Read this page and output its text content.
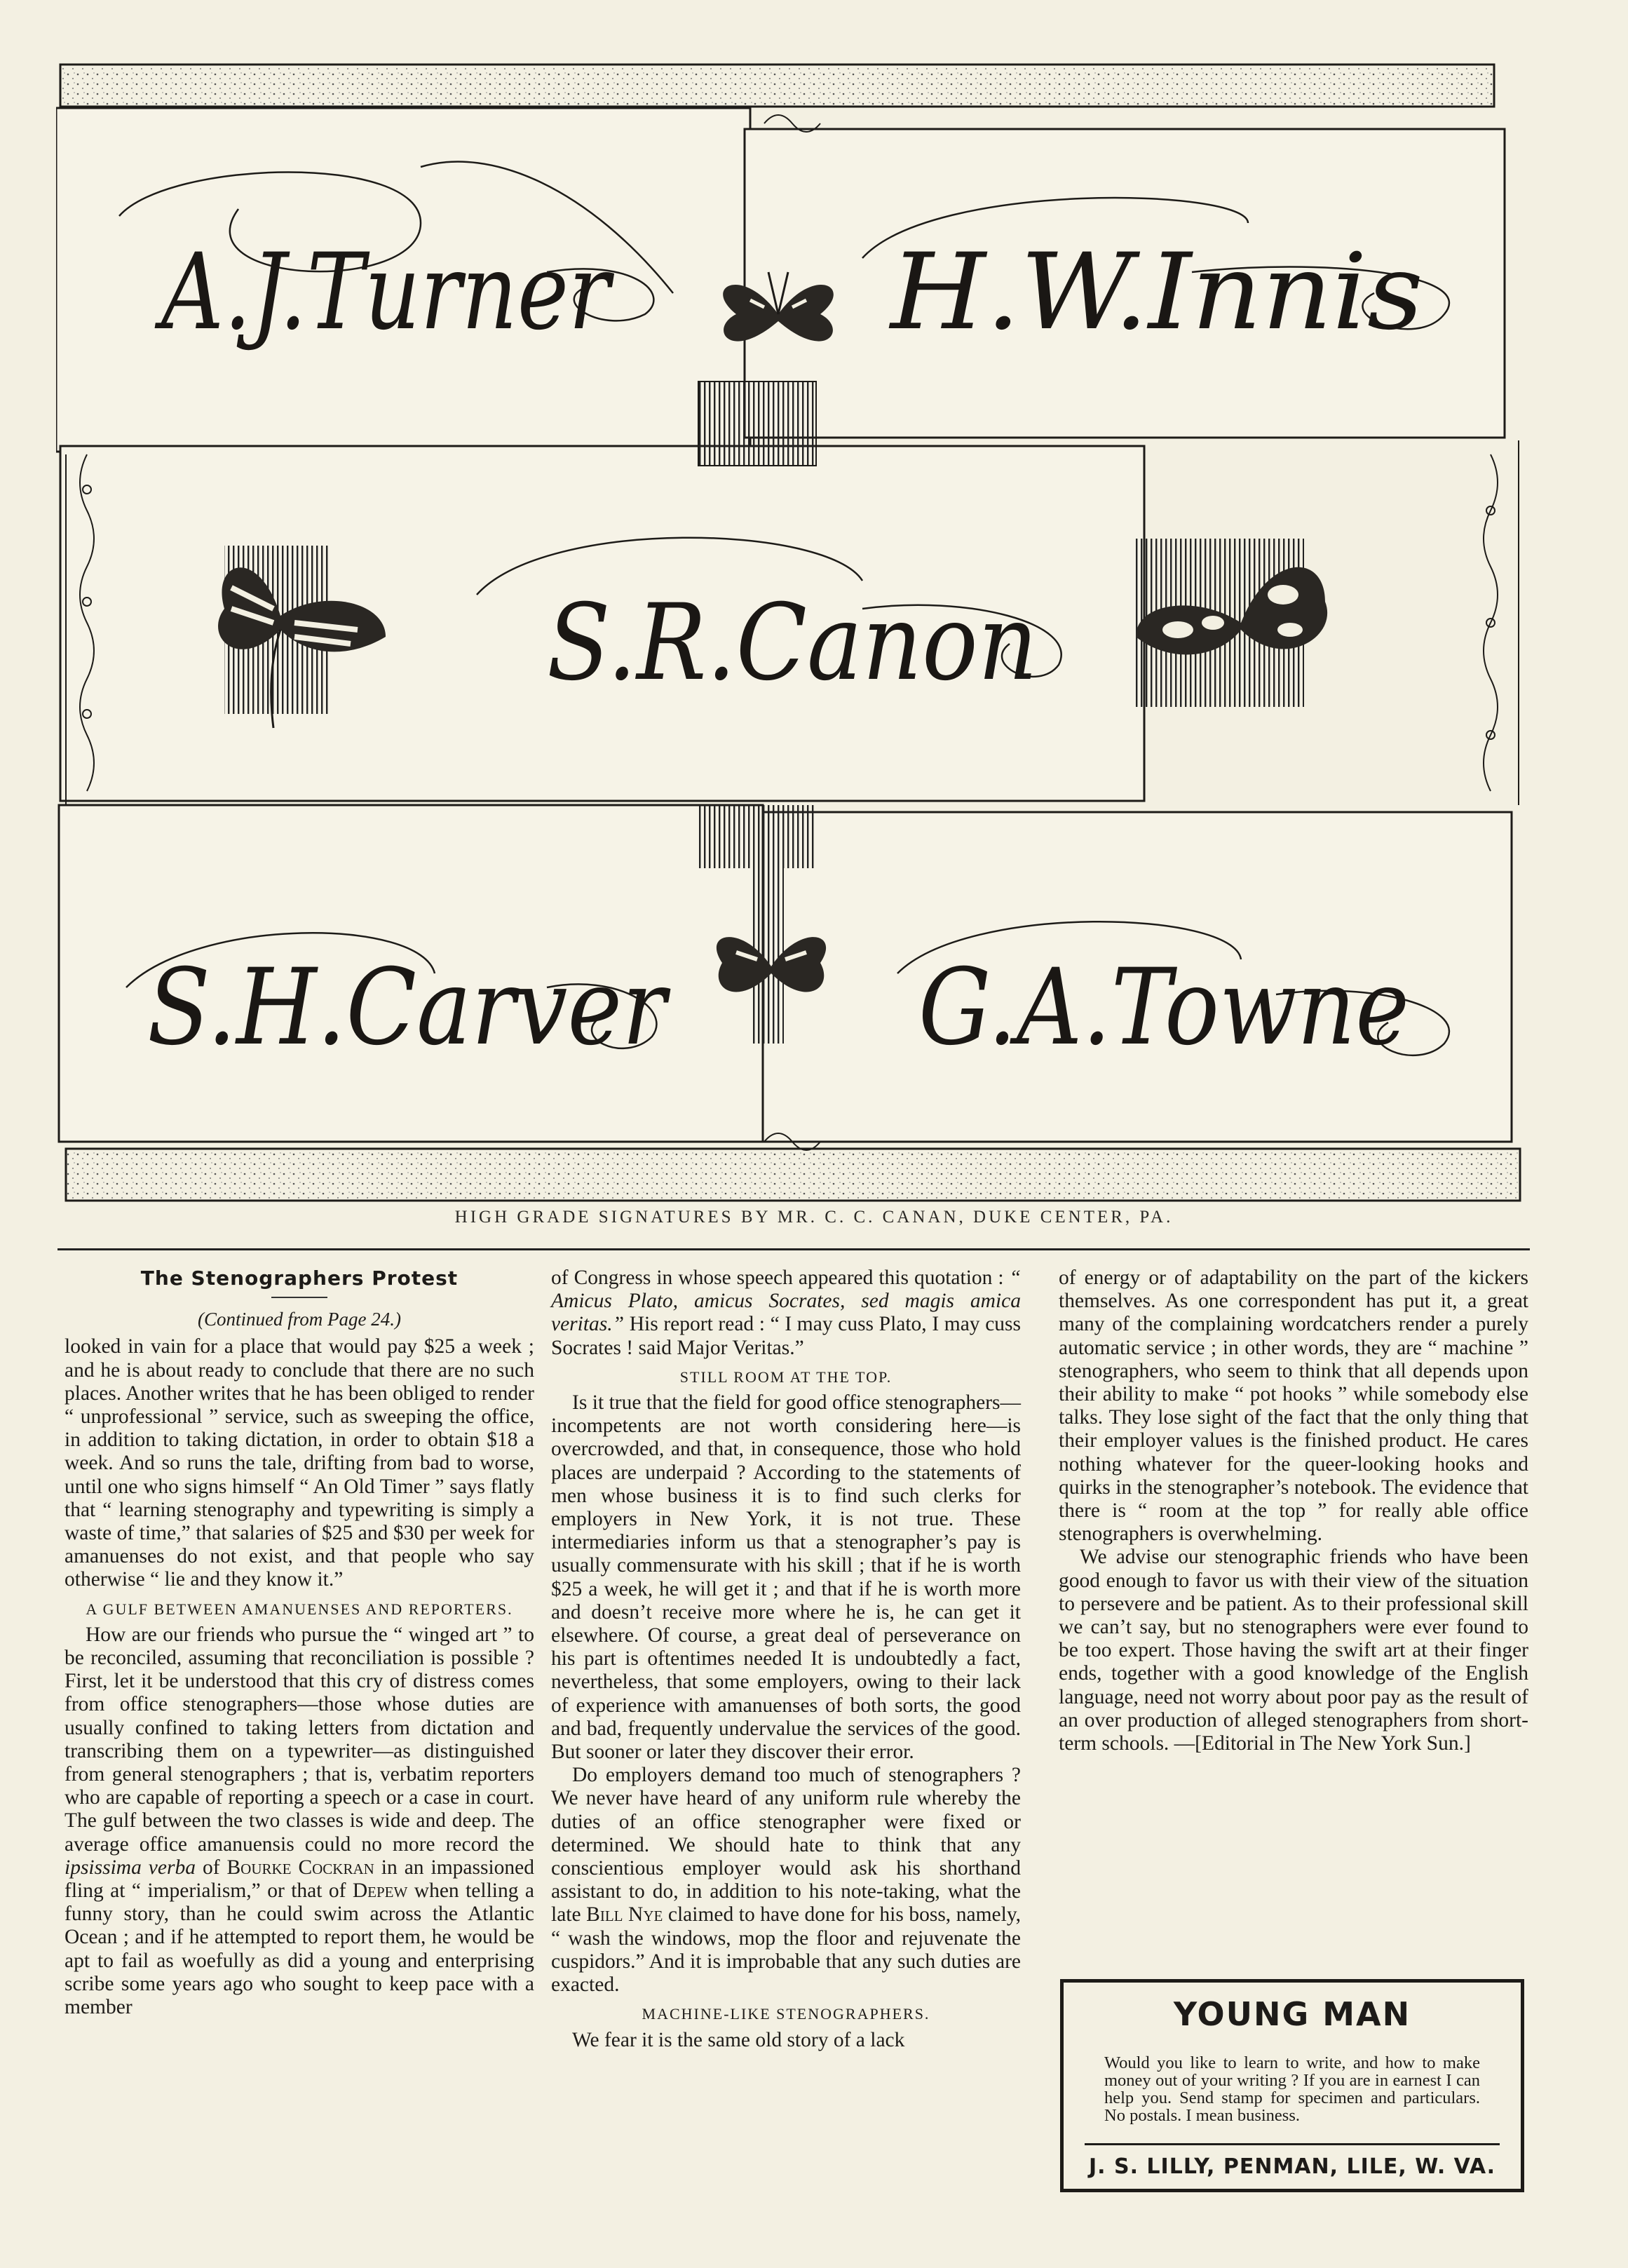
A.J.Turner	H.W.Innis
S.R.Canon
S.H.Carver G.A.Towne
HIGH GRADE SIGNATURES BY MR. C. C. CANAN, DUKE CENTER, PA.
The Stenographers Protest
(Continued from Page 24.)

looked in vain for a place that would pay $25 a week ; and he is about ready to conclude that there are no such places. Another writes that he has been obliged to render “ unprofessional ” service, such as sweeping the office, in addition to taking dictation, in order to obtain $18 a week. And so runs the tale, drifting from bad to worse, until one who signs himself “ An Old Timer ” says flatly that “ learning stenography and typewriting is simply a waste of time,” that salaries of $25 and $30 per week for amanuenses do not exist, and that people who say otherwise “ lie and they know it.”

A GULF BETWEEN AMANUENSES AND REPORTERS.

How are our friends who pursue the “ winged art ” to be reconciled, assuming that reconciliation is possible ? First, let it be understood that this cry of distress comes from office stenographers—those whose duties are usually confined to taking letters from dictation and transcribing them on a typewriter—as distinguished from general stenographers ; that is, verbatim reporters who are capable of reporting a speech or a case in court. The gulf between the two classes is wide and deep. The average office amanuensis could no more record the ipsissima verba of Bourke Cockran in an impassioned fling at “ imperialism,” or that of Depew when telling a funny story, than he could swim across the Atlantic Ocean ; and if he attempted to report them, he would be apt to fail as woefully as did a young and enterprising scribe some years ago who sought to keep pace with a member

of Congress in whose speech appeared this quotation : “ Amicus Plato, amicus Socrates, sed magis amica veritas.” His report read : “ I may cuss Plato, I may cuss Socrates ! said Major Veritas.”

STILL ROOM AT THE TOP.

Is it true that the field for good office stenographers—incompetents are not worth considering here—is overcrowded, and that, in consequence, those who hold places are underpaid ? According to the statements of men whose business it is to find such clerks for employers in New York, it is not true. These intermediaries inform us that a stenographer’s pay is usually commensurate with his skill ; that if he is worth $25 a week, he will get it ; and that if he is worth more and doesn’t receive more where he is, he can get it elsewhere. Of course, a great deal of perseverance on his part is oftentimes needed It is undoubtedly a fact, nevertheless, that some employers, owing to their lack of experience with amanuenses of both sorts, the good and bad, frequently undervalue the services of the good. But sooner or later they discover their error.

Do employers demand too much of stenographers ? We never have heard of any uniform rule whereby the duties of an office stenographer were fixed or determined. We should hate to think that any conscientious employer would ask his shorthand assistant to do, in addition to his note-taking, what the late Bill Nye claimed to have done for his boss, namely, “ wash the windows, mop the floor and rejuvenate the cuspidors.” And it is improbable that any such duties are exacted.

MACHINE-LIKE STENOGRAPHERS.

We fear it is the same old story of a lack

of energy or of adaptability on the part of the kickers themselves. As one correspondent has put it, a great many of the complaining wordcatchers render a purely automatic service ; in other words, they are “ machine ” stenographers, who seem to think that all depends upon their ability to make “ pot hooks ” while somebody else talks. They lose sight of the fact that the only thing that their employer values is the finished product. He cares nothing whatever for the queer-looking hooks and quirks in the stenographer’s notebook. The evidence that there is “ room at the top ” for really able office stenographers is overwhelming.

We advise our stenographic friends who have been good enough to favor us with their view of the situation to persevere and be patient. As to their professional skill we can’t say, but no stenographers were ever found to be too expert. Those having the swift art at their finger ends, together with a good knowledge of the English language, need not worry about poor pay as the result of an over production of alleged stenographers from short-term schools. —[Editorial in The New York Sun.]

YOUNG MAN
Would you like to learn to write, and how to make money out of your writing ? If you are in earnest I can help you. Send stamp for specimen and particulars. No postals. I mean business.
J. S. LILLY, PENMAN, LILE, W. VA.
